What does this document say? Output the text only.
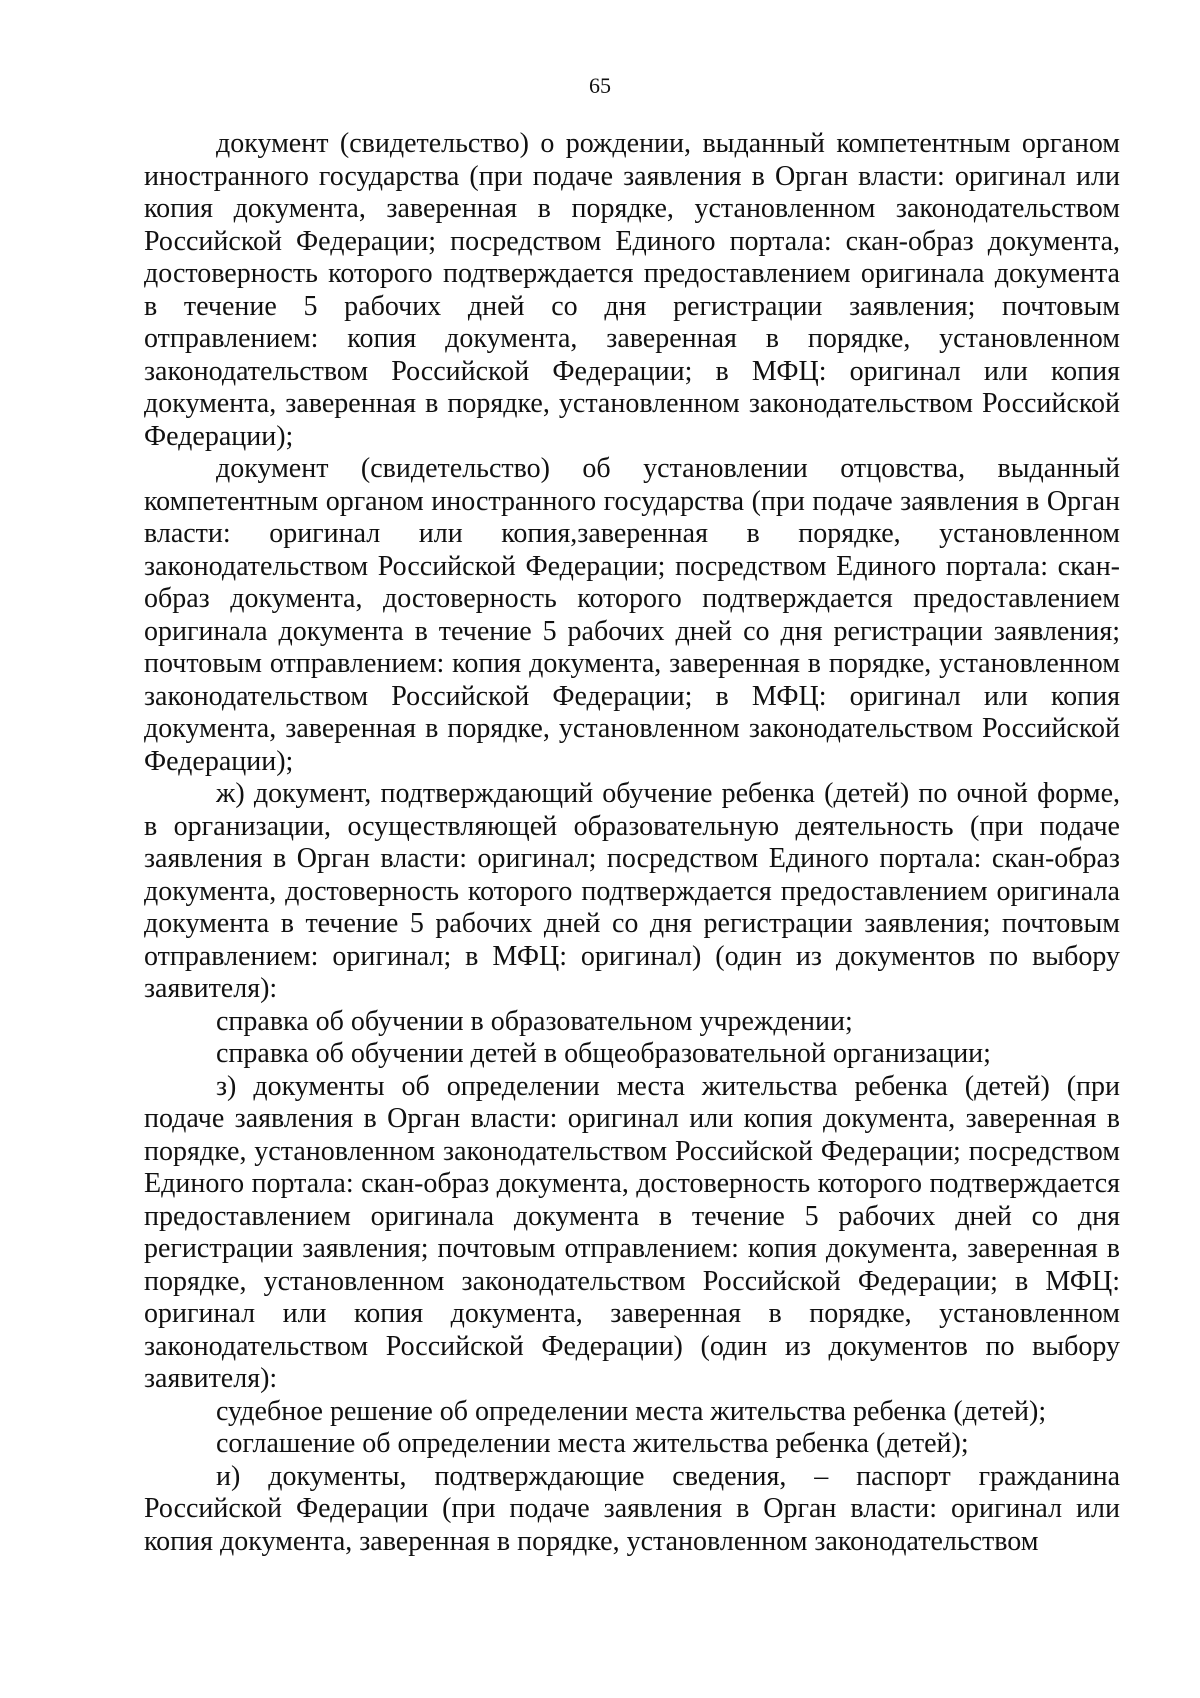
65

документ (свидетельство) о рождении, выданный компетентным органом иностранного государства (при подаче заявления в Орган власти: оригинал или копия документа, заверенная в порядке, установленном законодательством Российской Федерации; посредством Единого портала: скан-образ документа, достоверность которого подтверждается предоставлением оригинала документа в течение 5 рабочих дней со дня регистрации заявления; почтовым отправлением: копия документа, заверенная в порядке, установленном законодательством Российской Федерации; в МФЦ: оригинал или копия документа, заверенная в порядке, установленном законодательством Российской Федерации);

документ (свидетельство) об установлении отцовства, выданный компетентным органом иностранного государства (при подаче заявления в Орган власти: оригинал или копия,заверенная в порядке, установленном законодательством Российской Федерации; посредством Единого портала: скан-образ документа, достоверность которого подтверждается предоставлением оригинала документа в течение 5 рабочих дней со дня регистрации заявления; почтовым отправлением: копия документа, заверенная в порядке, установленном законодательством Российской Федерации; в МФЦ: оригинал или копия документа, заверенная в порядке, установленном законодательством Российской Федерации);

ж) документ, подтверждающий обучение ребенка (детей) по очной форме, в организации, осуществляющей образовательную деятельность (при подаче заявления в Орган власти: оригинал; посредством Единого портала: скан-образ документа, достоверность которого подтверждается предоставлением оригинала документа в течение 5 рабочих дней со дня регистрации заявления; почтовым отправлением: оригинал; в МФЦ: оригинал) (один из документов по выбору заявителя):

справка об обучении в образовательном учреждении;

справка об обучении детей в общеобразовательной организации;

з) документы об определении места жительства ребенка (детей) (при подаче заявления в Орган власти: оригинал или копия документа, заверенная в порядке, установленном законодательством Российской Федерации; посредством Единого портала: скан-образ документа, достоверность которого подтверждается предоставлением оригинала документа в течение 5 рабочих дней со дня регистрации заявления; почтовым отправлением: копия документа, заверенная в порядке, установленном законодательством Российской Федерации; в МФЦ: оригинал или копия документа, заверенная в порядке, установленном законодательством Российской Федерации) (один из документов по выбору заявителя):

судебное решение об определении места жительства ребенка (детей);

соглашение об определении места жительства ребенка (детей);

и) документы, подтверждающие сведения, – паспорт гражданина Российской Федерации (при подаче заявления в Орган власти: оригинал или копия документа, заверенная в порядке, установленном законодательством
